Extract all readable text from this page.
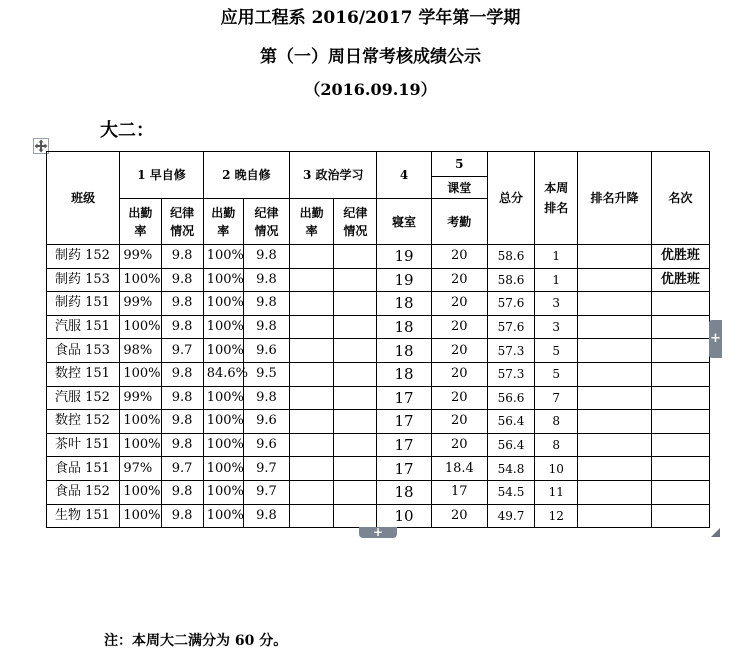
应用工程系 2016/2017 学年第一学期
第（一）周日常考核成绩公示
（2016.09.19）
大二：
班级	1 早自修		2 晚自修		3 政治学习		4	5	总分	本周排名	排名升降	名次
								课堂				

	出勤率	纪律情况	出勤率	纪律情况	出勤率	纪律情况	寝室	考勤				
制药 152	99%	9.8	100%	9.8			19	20	58.6	1		优胜班
制药 153	100%	9.8	100%	9.8			19	20	58.6	1		优胜班
制药 151	99%	9.8	100%	9.8			18	20	57.6	3		
汽服 151	100%	9.8	100%	9.8			18	20	57.6	3		
食品 153	98%	9.7	100%	9.6			18	20	57.3	5		
数控 151	100%	9.8	84.6%	9.5			18	20	57.3	5		
汽服 152	99%	9.8	100%	9.8			17	20	56.6	7		
数控 152	100%	9.8	100%	9.6			17	20	56.4	8		
茶叶 151	100%	9.8	100%	9.6			17	20	56.4	8		
食品 151	97%	9.7	100%	9.7			17	18.4	54.8	10		
食品 152	100%	9.8	100%	9.7			18	17	54.5	11		
生物 151	100%	9.8	100%	9.8			10	20	49.7	12		
+
+
注：本周大二满分为 60 分。
